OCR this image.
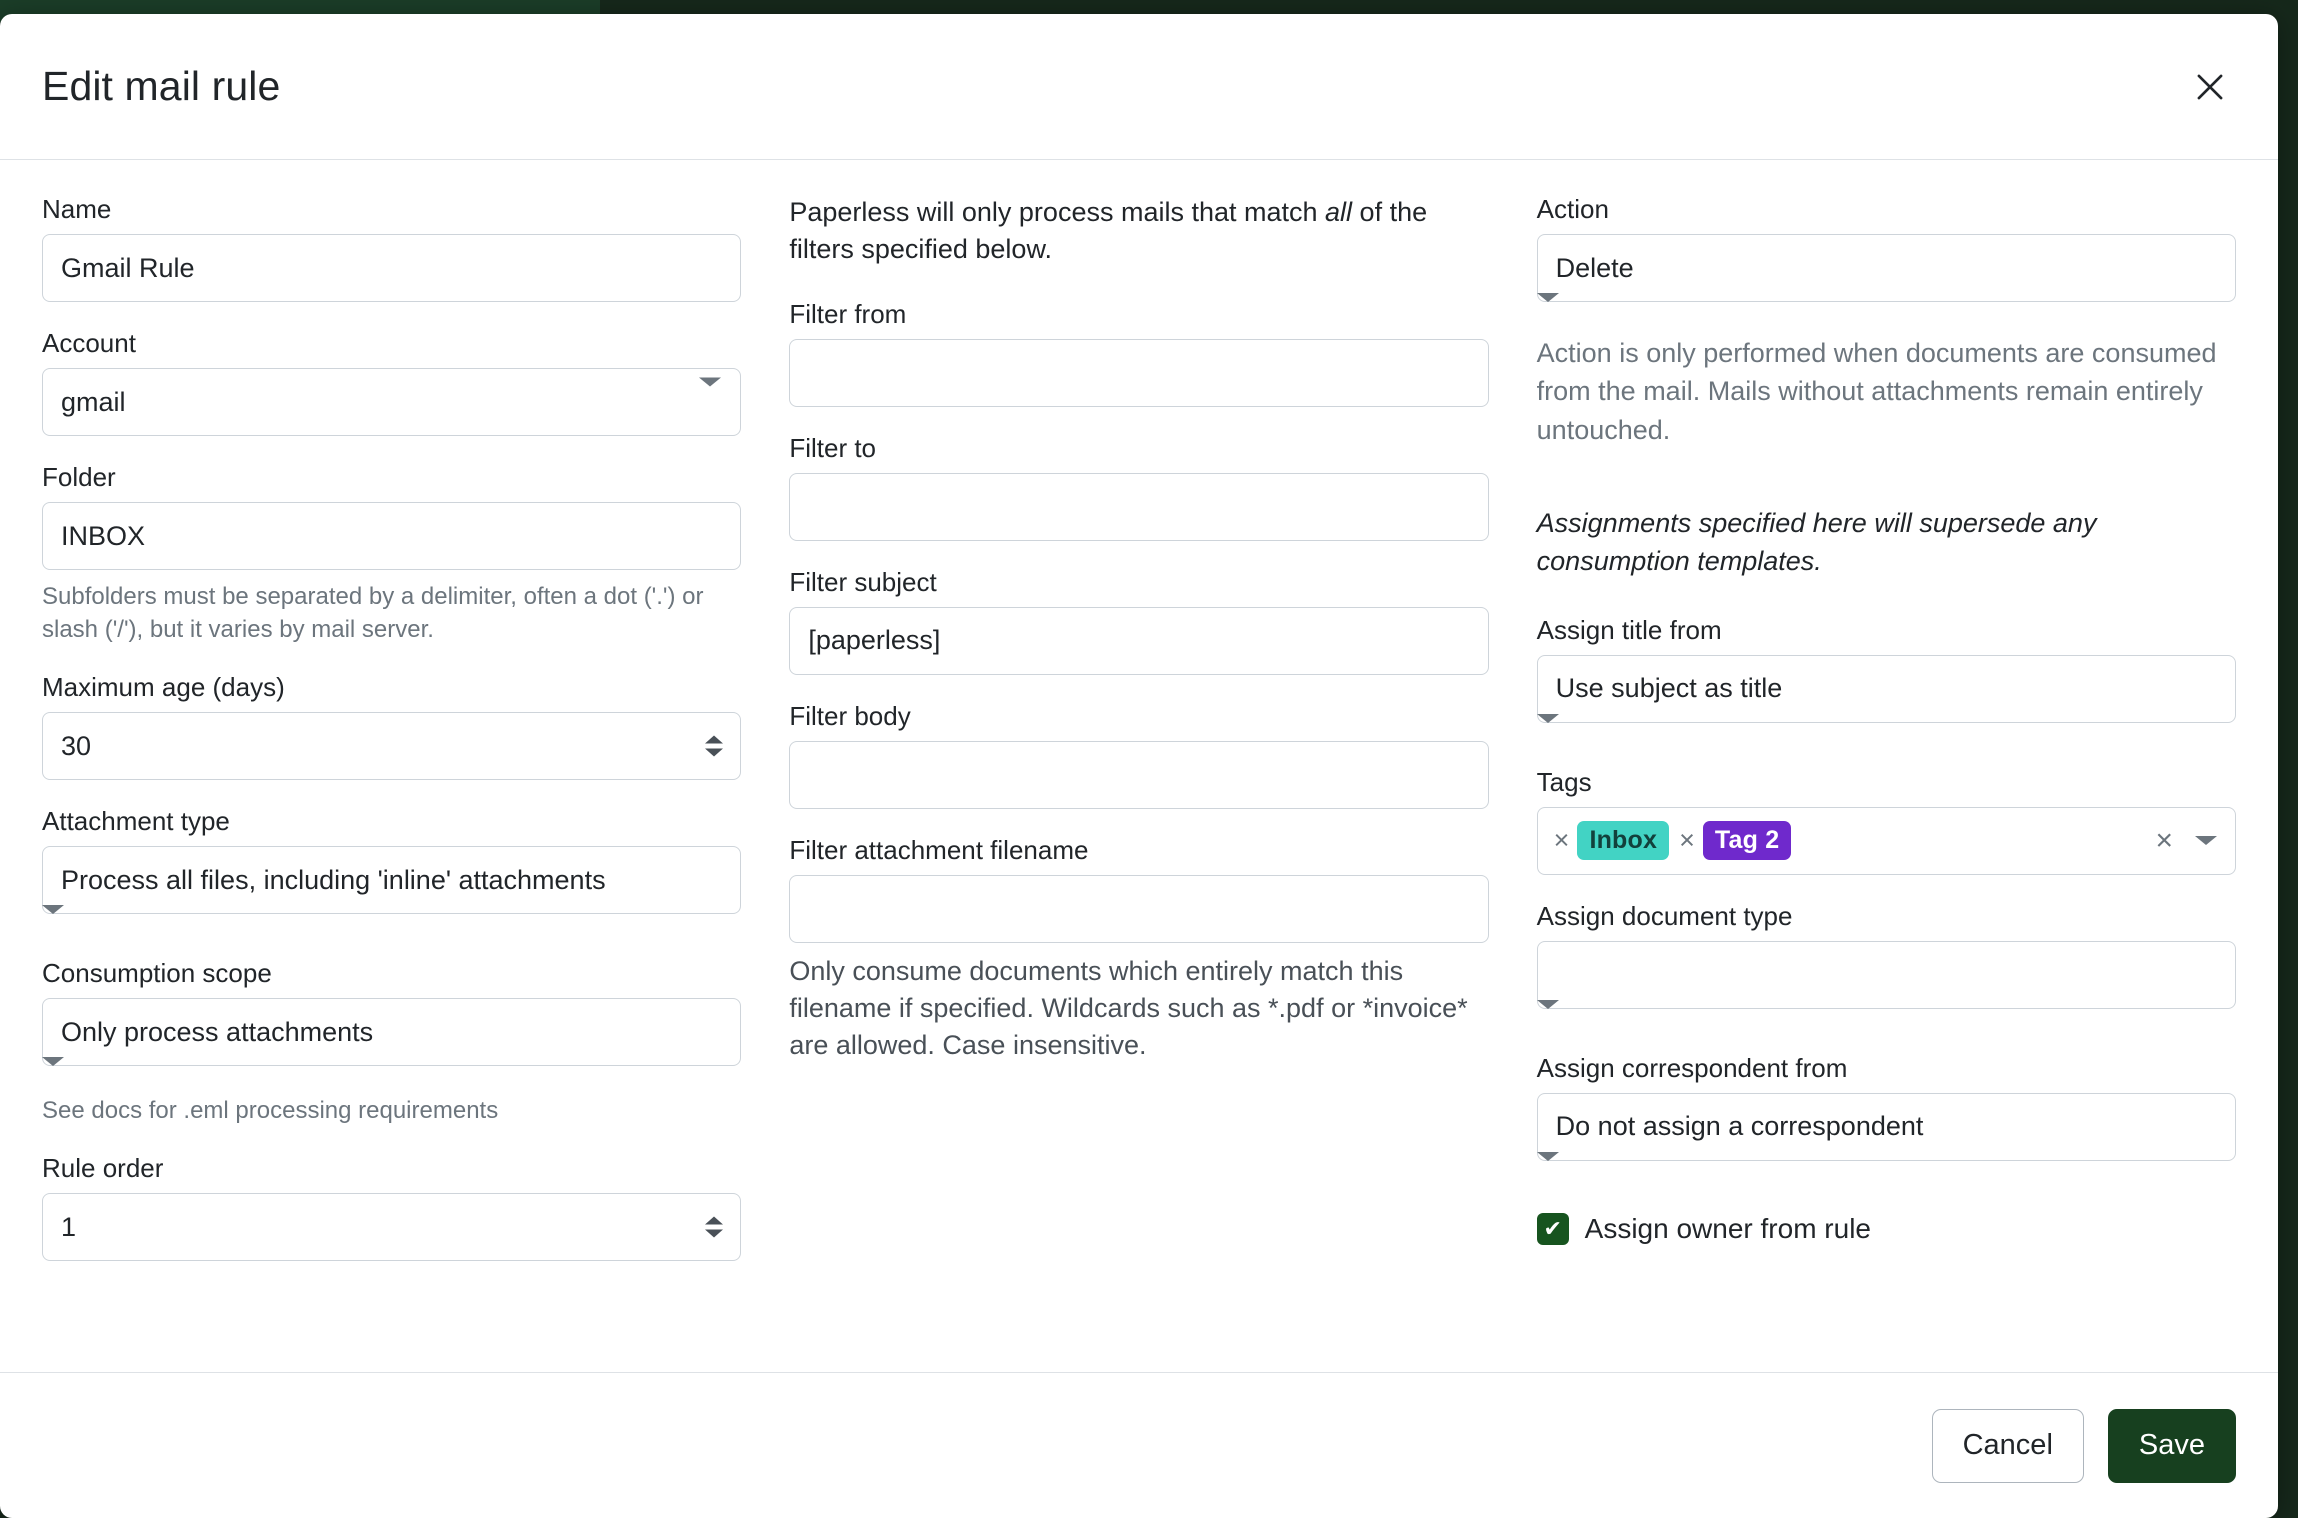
Edit mail rule
Name
Gmail Rule
Account
gmail
Folder
INBOX
Subfolders must be separated by a delimiter, often a dot ('.') or slash ('/'), but it varies by mail server.
Maximum age (days)
30
Attachment type
Process all files, including 'inline' attachments
Consumption scope
Only process attachments
See docs for .eml processing requirements
Rule order
1

Paperless will only process mails that match all of the filters specified below.

Filter from
Filter to
Filter subject
[paperless]
Filter body
Filter attachment filename
Only consume documents which entirely match this filename if specified. Wildcards such as *.pdf or *invoice* are allowed. Case insensitive.
Action
Delete
Action is only performed when documents are consumed from the mail. Mails without attachments remain entirely untouched.

Assignments specified here will supersede any consumption templates.

Assign title from
Use subject as title
Tags
× Inbox × Tag 2	×
Assign document type
Assign correspondent from
Do not assign a correspondent
✔ Assign owner from rule
Cancel	Save
